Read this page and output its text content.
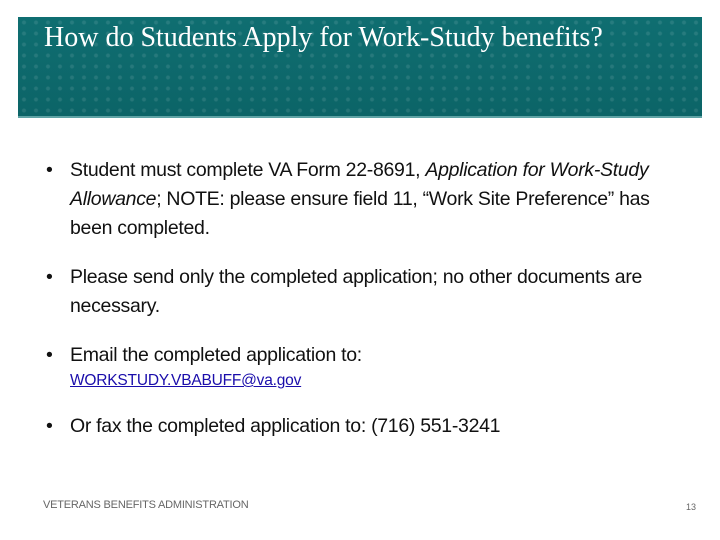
How do Students Apply for Work-Study benefits?
• Student must complete VA Form 22-8691, Application for Work-Study Allowance; NOTE: please ensure field 11, “Work Site Preference” has been completed.
• Please send only the completed application; no other documents are necessary.
• Email the completed application to:
WORKSTUDY.VBABUFF@va.gov
• Or fax the completed application to: (716) 551-3241
VETERANS BENEFITS ADMINISTRATION	13
